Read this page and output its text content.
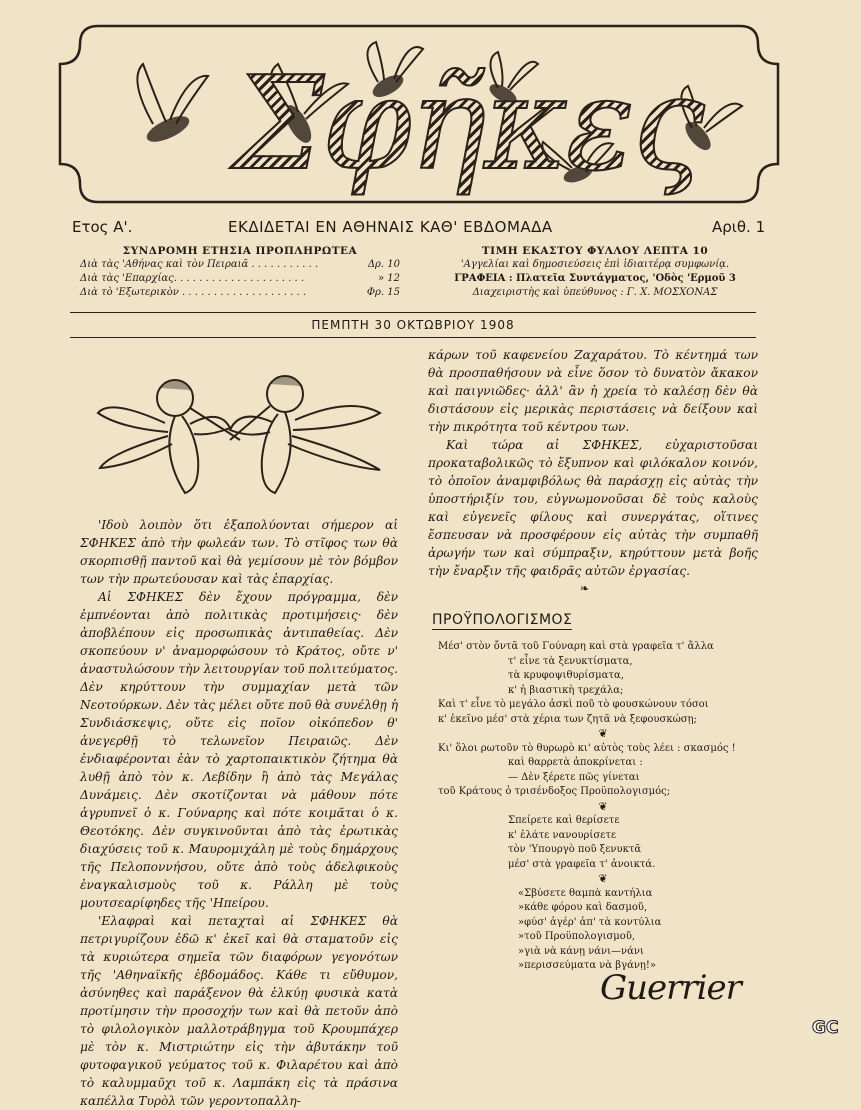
Σφῆκες
Ετος Α'.	ΕΚΔΙΔΕΤΑΙ ΕΝ ΑΘΗΝΑΙΣ ΚΑΘ' ΕΒΔΟΜΑΔΑ	Αριθ. 1
ΣΥΝΔΡΟΜΗ ΕΤΗΣΙΑ ΠΡΟΠΛΗΡΩΤΕΑ
Διὰ τὰς 'Αθήνας καὶ τὸν Πειραιᾶ . . . . . . . . . . .	Δρ. 10
Διὰ τὰς 'Επαρχίας. . . . . . . . . . . . . . . . . . . . .	» 12
Διὰ τὸ 'Εξωτερικὸν . . . . . . . . . . . . . . . . . . . .	Φρ. 15
ΤΙΜΗ ΕΚΑΣΤΟΥ ΦΥΛΛΟΥ ΛΕΠΤΑ 10
'Αγγελίαι καὶ δημοσιεύσεις ἐπὶ ἰδιαιτέρᾳ συμφωνίᾳ.
ΓΡΑΦΕΙΑ : Πλατεῖα Συντάγματος, 'Οδὸς 'Ερμοῦ 3
Διαχειριστὴς καὶ ὑπεύθυνος : Γ. Χ. ΜΟΣΧΟΝΑΣ
ΠΕΜΠΤΗ 30 ΟΚΤΩΒΡΙΟΥ 1908

'Ιδοὺ λοιπὸν ὅτι ἐξαπολύονται σήμερον αἱ ΣΦΗΚΕΣ ἀπὸ τὴν φωλεάν των. Τὸ στῖφος των θὰ σκορπισθῇ παντοῦ καὶ θὰ γεμίσουν μὲ τὸν βόμβον των τὴν πρωτεύουσαν καὶ τὰς ἐπαρχίας.

Αἱ ΣΦΗΚΕΣ δὲν ἔχουν πρόγραμμα, δὲν ἐμπνέονται ἀπὸ πολιτικὰς προτιμήσεις· δὲν ἀποβλέπουν εἰς προσωπικὰς ἀντιπαθείας. Δὲν σκοπεύουν ν' ἀναμορφώσουν τὸ Κράτος, οὔτε ν' ἀναστυλώσουν τὴν λειτουργίαν τοῦ πολιτεύματος. Δὲν κηρύττουν τὴν συμμαχίαν μετὰ τῶν Νεοτούρκων. Δὲν τὰς μέλει οὔτε ποῦ θὰ συνέλθῃ ἡ Συνδιάσκεψις, οὔτε εἰς ποῖον οἰκόπεδον θ' ἀνεγερθῇ τὸ τελωνεῖον Πειραιῶς. Δὲν ἐνδιαφέρονται ἐὰν τὸ χαρτοπαικτικὸν ζήτημα θὰ λυθῇ ἀπὸ τὸν κ. Λεβίδην ἢ ἀπὸ τὰς Μεγάλας Δυνάμεις. Δὲν σκοτίζονται νὰ μάθουν πότε ἀγρυπνεῖ ὁ κ. Γούναρης καὶ πότε κοιμᾶται ὁ κ. Θεοτόκης. Δὲν συγκινοῦνται ἀπὸ τὰς ἐρωτικὰς διαχύσεις τοῦ κ. Μαυρομιχάλη μὲ τοὺς δημάρχους τῆς Πελοποννήσου, οὔτε ἀπὸ τοὺς ἀδελφικοὺς ἐναγκαλισμοὺς τοῦ κ. Ράλλη μὲ τοὺς μουτσεαρίφηδες τῆς 'Ηπείρου.

'Ελαφραὶ καὶ πεταχταὶ αἱ ΣΦΗΚΕΣ θὰ πετριγυρίζουν ἐδῶ κ' ἐκεῖ καὶ θὰ σταματοῦν εἰς τὰ κυριώτερα σημεῖα τῶν διαφόρων γεγονότων τῆς 'Αθηναϊκῆς ἑβδομάδος. Κάθε τι εὔθυμον, ἀσύνηθες καὶ παράξενον θὰ ἑλκύῃ φυσικὰ κατὰ προτίμησιν τὴν προσοχήν των καὶ θὰ πετοῦν ἀπὸ τὸ φιλολογικὸν μαλλοτράβηγμα τοῦ Κρουμπάχερ μὲ τὸν κ. Μιστριώτην εἰς τὴν ἀβυτάκην τοῦ φυτοφαγικοῦ γεύματος τοῦ κ. Φιλαρέτου καὶ ἀπὸ τὸ καλυμμαῦχι τοῦ κ. Λαμπάκη εἰς τὰ πράσινα καπέλλα Τυρὸλ τῶν γεροντοπαλλη-

κάρων τοῦ καφενείου Ζαχαράτου. Τὸ κέντημά των θὰ προσπαθήσουν νὰ εἶνε ὅσον τὸ δυνατὸν ἄκακον καὶ παιγνιῶδες· ἀλλ' ἂν ἡ χρεία τὸ καλέσῃ δὲν θὰ διστάσουν εἰς μερικὰς περιστάσεις νὰ δείξουν καὶ τὴν πικρότητα τοῦ κέντρου των.

Καὶ τώρα αἱ ΣΦΗΚΕΣ, εὐχαριστοῦσαι προκαταβολικῶς τὸ ἔξυπνον καὶ φιλόκαλον κοινόν, τὸ ὁποῖον ἀναμφιβόλως θὰ παράσχῃ εἰς αὐτὰς τὴν ὑποστήριξίν του, εὐγνωμονοῦσαι δὲ τοὺς καλοὺς καὶ εὐγενεῖς φίλους καὶ συνεργάτας, οἵτινες ἔσπευσαν νὰ προσφέρουν εἰς αὐτὰς τὴν συμπαθῆ ἀρωγήν των καὶ σύμπραξιν, κηρύττουν μετὰ βοῆς τὴν ἔναρξιν τῆς φαιδρᾶς αὐτῶν ἐργασίας.

❧
ΠΡΟΫΠΟΛΟΓΙΣΜΟΣ
Μέσ' στὸν ὄντᾶ τοῦ Γούναρη καὶ στὰ γραφεῖα τ' ἄλλα
τ' εἶνε τὰ ξενυκτίσματα,
τὰ κρυφοψιθυρίσματα,
κ' ἡ βιαστικὴ τρεχάλα;
Καὶ τ' εἶνε τὸ μεγάλο ἀσκὶ ποῦ τὸ φουσκώνουν τόσοι
κ' ἐκεῖνο μέσ' στὰ χέρια των ζητᾶ νὰ ξεφουσκώσῃ;
❦
Κι' ὅλοι ρωτοῦν τὸ θυρωρὸ κι' αὐτὸς τοὺς λέει : σκασμός !
καὶ θαρρετὰ ἀποκρίνεται :
— Δὲν ξέρετε πῶς γίνεται
τοῦ Κράτους ὁ τρισένδοξος Προϋπολογισμός;
❦
Σπείρετε καὶ θερίσετε
κ' ἐλάτε νανουρίσετε
τὸν 'Υπουργὸ ποῦ ξενυκτᾶ
μέσ' στὰ γραφεῖα τ' ἀνοικτά.
❦
«Σβύσετε θαμπὰ καντήλια
»κάθε φόρου καὶ δασμοῦ,
»φύσ' ἀγέρ' ἀπ' τὰ κοντύλια
»τοῦ Προϋπολογισμοῦ,
»γιὰ νὰ κάνῃ νάνι—νάνι
»περισσεύματα νὰ βγάνῃ!»
Guerrier
GC
